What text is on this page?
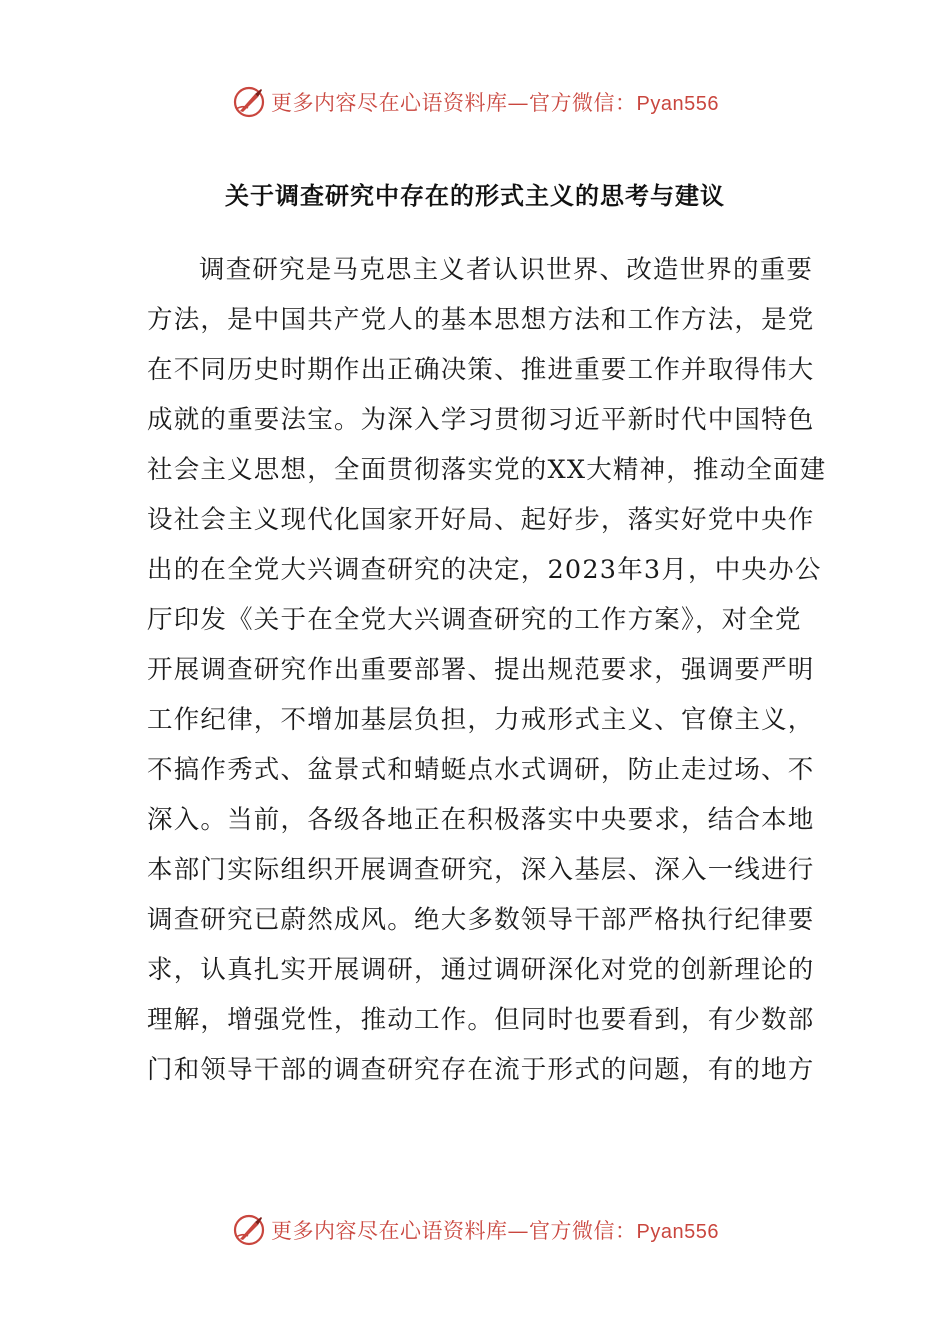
更多内容尽在心语资料库—官方微信：Pyan556
关于调查研究中存在的形式主义的思考与建议
调查研究是马克思主义者认识世界、改造世界的重要
方法，是中国共产党人的基本思想方法和工作方法，是党
在不同历史时期作出正确决策、推进重要工作并取得伟大
成就的重要法宝。为深入学习贯彻习近平新时代中国特色
社会主义思想，全面贯彻落实党的XX大精神，推动全面建
设社会主义现代化国家开好局、起好步，落实好党中央作
出的在全党大兴调查研究的决定，2023年3月，中央办公
厅印发《关于在全党大兴调查研究的工作方案》，对全党
开展调查研究作出重要部署、提出规范要求，强调要严明
工作纪律，不增加基层负担，力戒形式主义、官僚主义，
不搞作秀式、盆景式和蜻蜓点水式调研，防止走过场、不
深入。当前，各级各地正在积极落实中央要求，结合本地
本部门实际组织开展调查研究，深入基层、深入一线进行
调查研究已蔚然成风。绝大多数领导干部严格执行纪律要
求，认真扎实开展调研，通过调研深化对党的创新理论的
理解，增强党性，推动工作。但同时也要看到，有少数部
门和领导干部的调查研究存在流于形式的问题，有的地方
更多内容尽在心语资料库—官方微信：Pyan556
